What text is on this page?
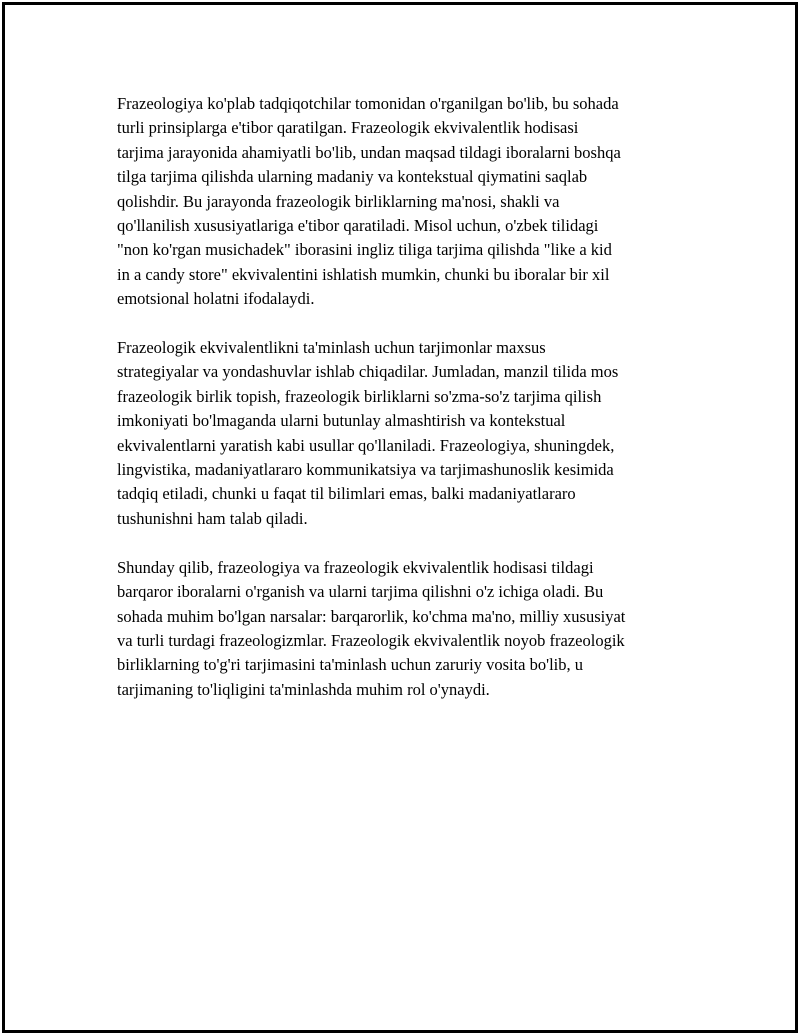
Frazeologiya ko'plab tadqiqotchilar tomonidan o'rganilgan bo'lib, bu sohada
turli prinsiplarga e'tibor qaratilgan. Frazeologik ekvivalentlik hodisasi
tarjima jarayonida ahamiyatli bo'lib, undan maqsad tildagi iboralarni boshqa
tilga tarjima qilishda ularning madaniy va kontekstual qiymatini saqlab
qolishdir. Bu jarayonda frazeologik birliklarning ma'nosi, shakli va
qo'llanilish xususiyatlariga e'tibor qaratiladi. Misol uchun, o'zbek tilidagi
"non ko'rgan musichadek" iborasini ingliz tiliga tarjima qilishda "like a kid
in a candy store" ekvivalentini ishlatish mumkin, chunki bu iboralar bir xil
emotsional holatni ifodalaydi.

Frazeologik ekvivalentlikni ta'minlash uchun tarjimonlar maxsus
strategiyalar va yondashuvlar ishlab chiqadilar. Jumladan, manzil tilida mos
frazeologik birlik topish, frazeologik birliklarni so'zma-so'z tarjima qilish
imkoniyati bo'lmaganda ularni butunlay almashtirish va kontekstual
ekvivalentlarni yaratish kabi usullar qo'llaniladi. Frazeologiya, shuningdek,
lingvistika, madaniyatlararo kommunikatsiya va tarjimashunoslik kesimida
tadqiq etiladi, chunki u faqat til bilimlari emas, balki madaniyatlararo
tushunishni ham talab qiladi.

Shunday qilib, frazeologiya va frazeologik ekvivalentlik hodisasi tildagi
barqaror iboralarni o'rganish va ularni tarjima qilishni o'z ichiga oladi. Bu
sohada muhim bo'lgan narsalar: barqarorlik, ko'chma ma'no, milliy xususiyat
va turli turdagi frazeologizmlar. Frazeologik ekvivalentlik noyob frazeologik
birliklarning to'g'ri tarjimasini ta'minlash uchun zaruriy vosita bo'lib, u
tarjimaning to'liqligini ta'minlashda muhim rol o'ynaydi.
